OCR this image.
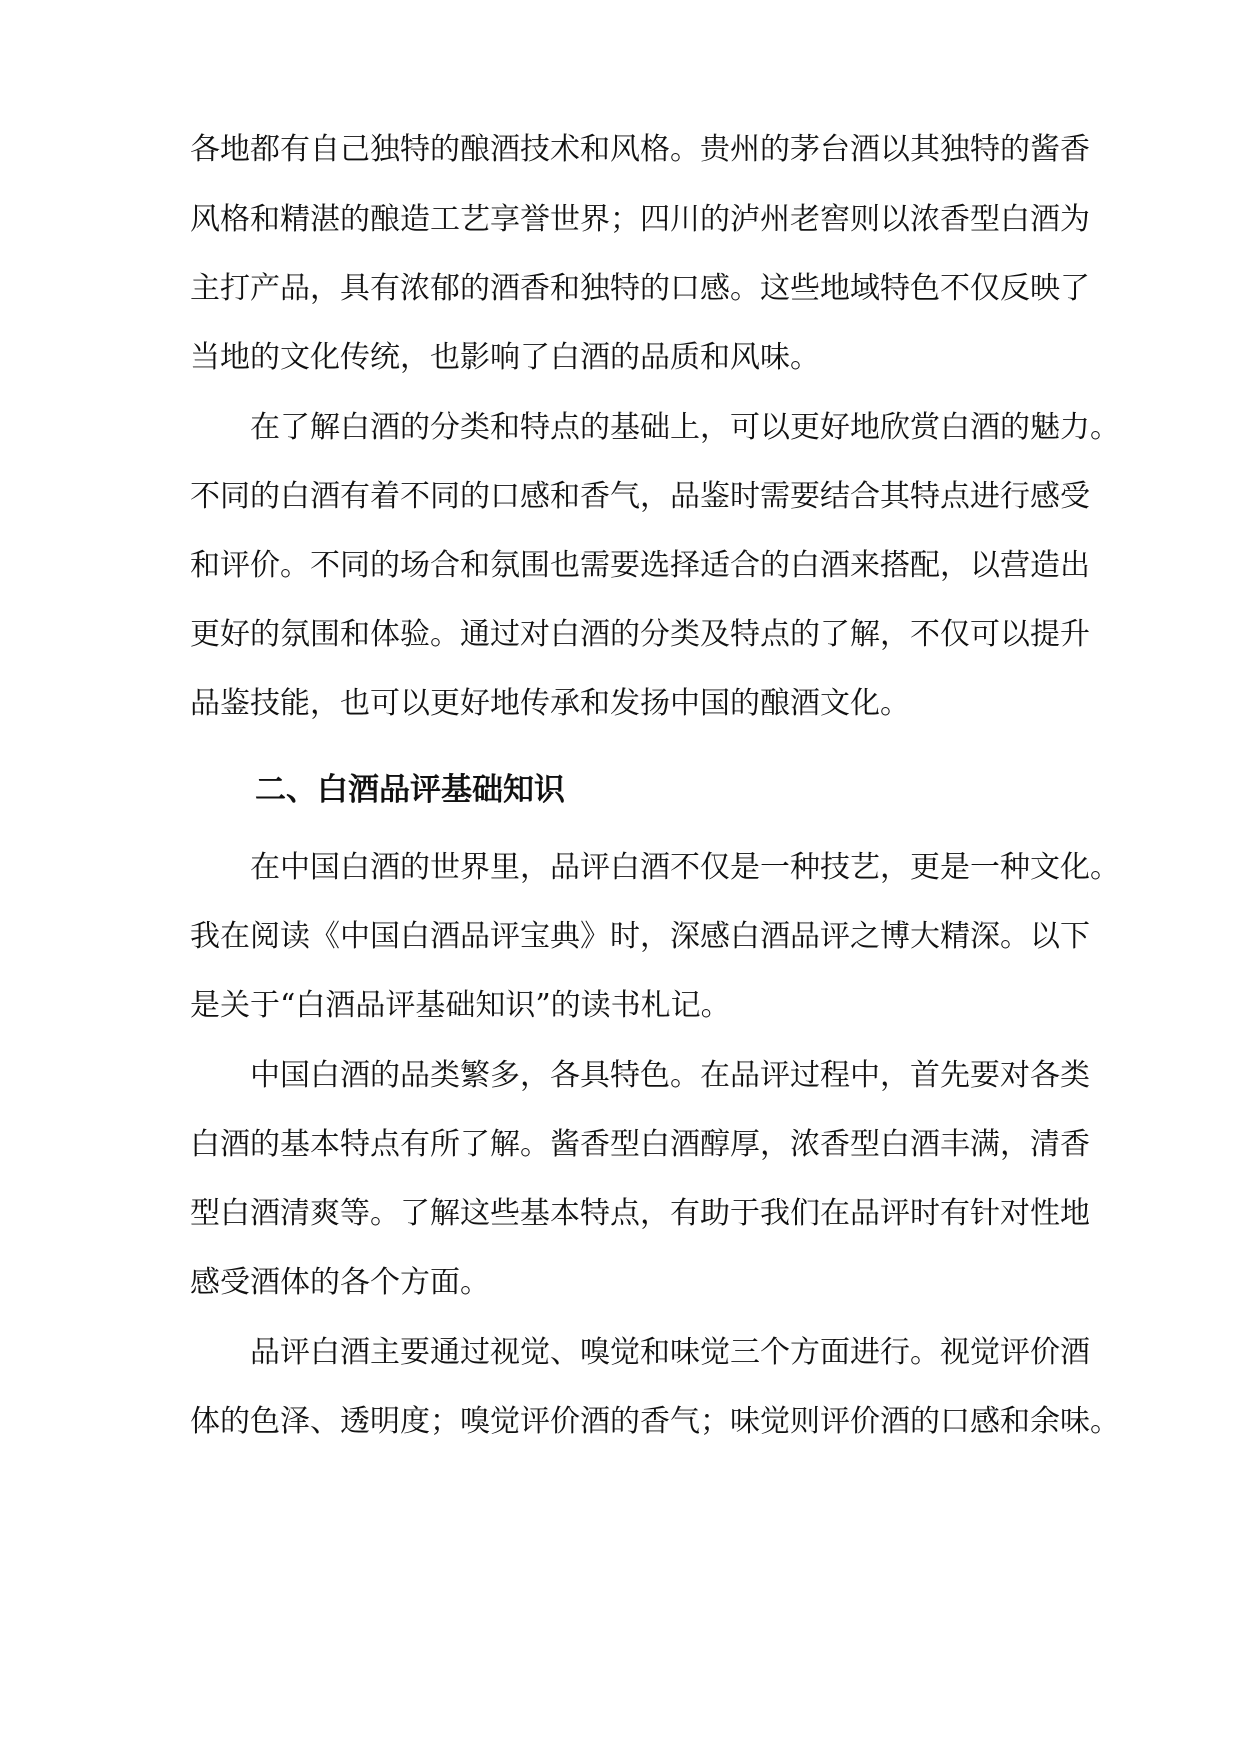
各地都有自己独特的酿酒技术和风格。贵州的茅台酒以其独特的酱香
风格和精湛的酿造工艺享誉世界；四川的泸州老窖则以浓香型白酒为
主打产品，具有浓郁的酒香和独特的口感。这些地域特色不仅反映了
当地的文化传统，也影响了白酒的品质和风味。
在了解白酒的分类和特点的基础上，可以更好地欣赏白酒的魅力。
不同的白酒有着不同的口感和香气，品鉴时需要结合其特点进行感受
和评价。不同的场合和氛围也需要选择适合的白酒来搭配，以营造出
更好的氛围和体验。通过对白酒的分类及特点的了解，不仅可以提升
品鉴技能，也可以更好地传承和发扬中国的酿酒文化。
二、白酒品评基础知识
在中国白酒的世界里，品评白酒不仅是一种技艺，更是一种文化。
我在阅读《中国白酒品评宝典》时，深感白酒品评之博大精深。以下
是关于“白酒品评基础知识”的读书札记。
中国白酒的品类繁多，各具特色。在品评过程中，首先要对各类
白酒的基本特点有所了解。酱香型白酒醇厚，浓香型白酒丰满，清香
型白酒清爽等。了解这些基本特点，有助于我们在品评时有针对性地
感受酒体的各个方面。
品评白酒主要通过视觉、嗅觉和味觉三个方面进行。视觉评价酒
体的色泽、透明度；嗅觉评价酒的香气；味觉则评价酒的口感和余味。
